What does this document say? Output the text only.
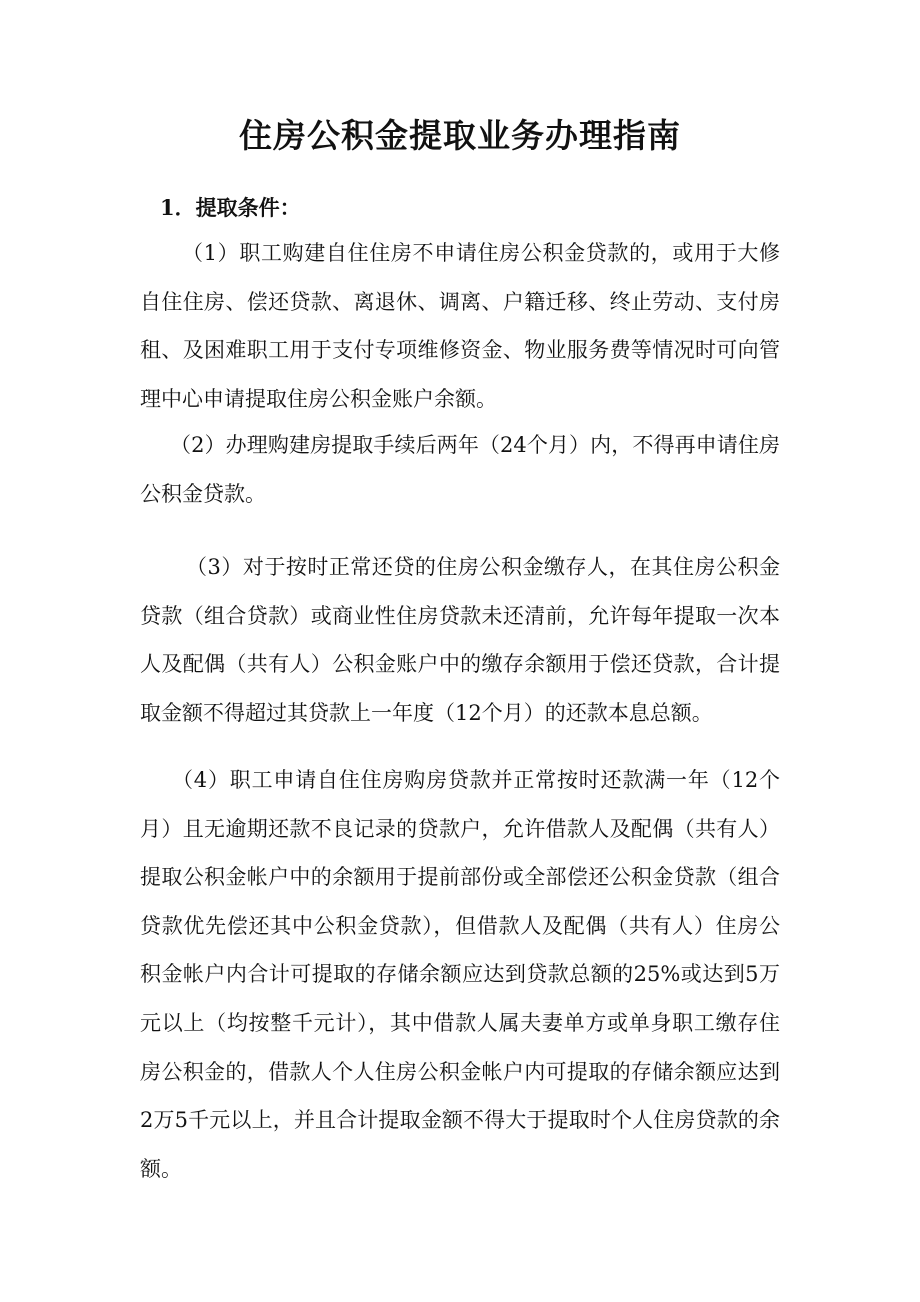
住房公积金提取业务办理指南

1．提取条件：

（1）职工购建自住住房不申请住房公积金贷款的，或用于大修自住住房、偿还贷款、离退休、调离、户籍迁移、终止劳动、支付房租、及困难职工用于支付专项维修资金、物业服务费等情况时可向管理中心申请提取住房公积金账户余额。

（2）办理购建房提取手续后两年（24个月）内，不得再申请住房公积金贷款。

（3）对于按时正常还贷的住房公积金缴存人，在其住房公积金贷款（组合贷款）或商业性住房贷款未还清前，允许每年提取一次本人及配偶（共有人）公积金账户中的缴存余额用于偿还贷款，合计提取金额不得超过其贷款上一年度（12个月）的还款本息总额。

（4）职工申请自住住房购房贷款并正常按时还款满一年（12个月）且无逾期还款不良记录的贷款户，允许借款人及配偶（共有人）提取公积金帐户中的余额用于提前部份或全部偿还公积金贷款（组合贷款优先偿还其中公积金贷款），但借款人及配偶（共有人）住房公积金帐户内合计可提取的存储余额应达到贷款总额的25%或达到5万元以上（均按整千元计），其中借款人属夫妻单方或单身职工缴存住房公积金的，借款人个人住房公积金帐户内可提取的存储余额应达到2万5千元以上，并且合计提取金额不得大于提取时个人住房贷款的余额。
